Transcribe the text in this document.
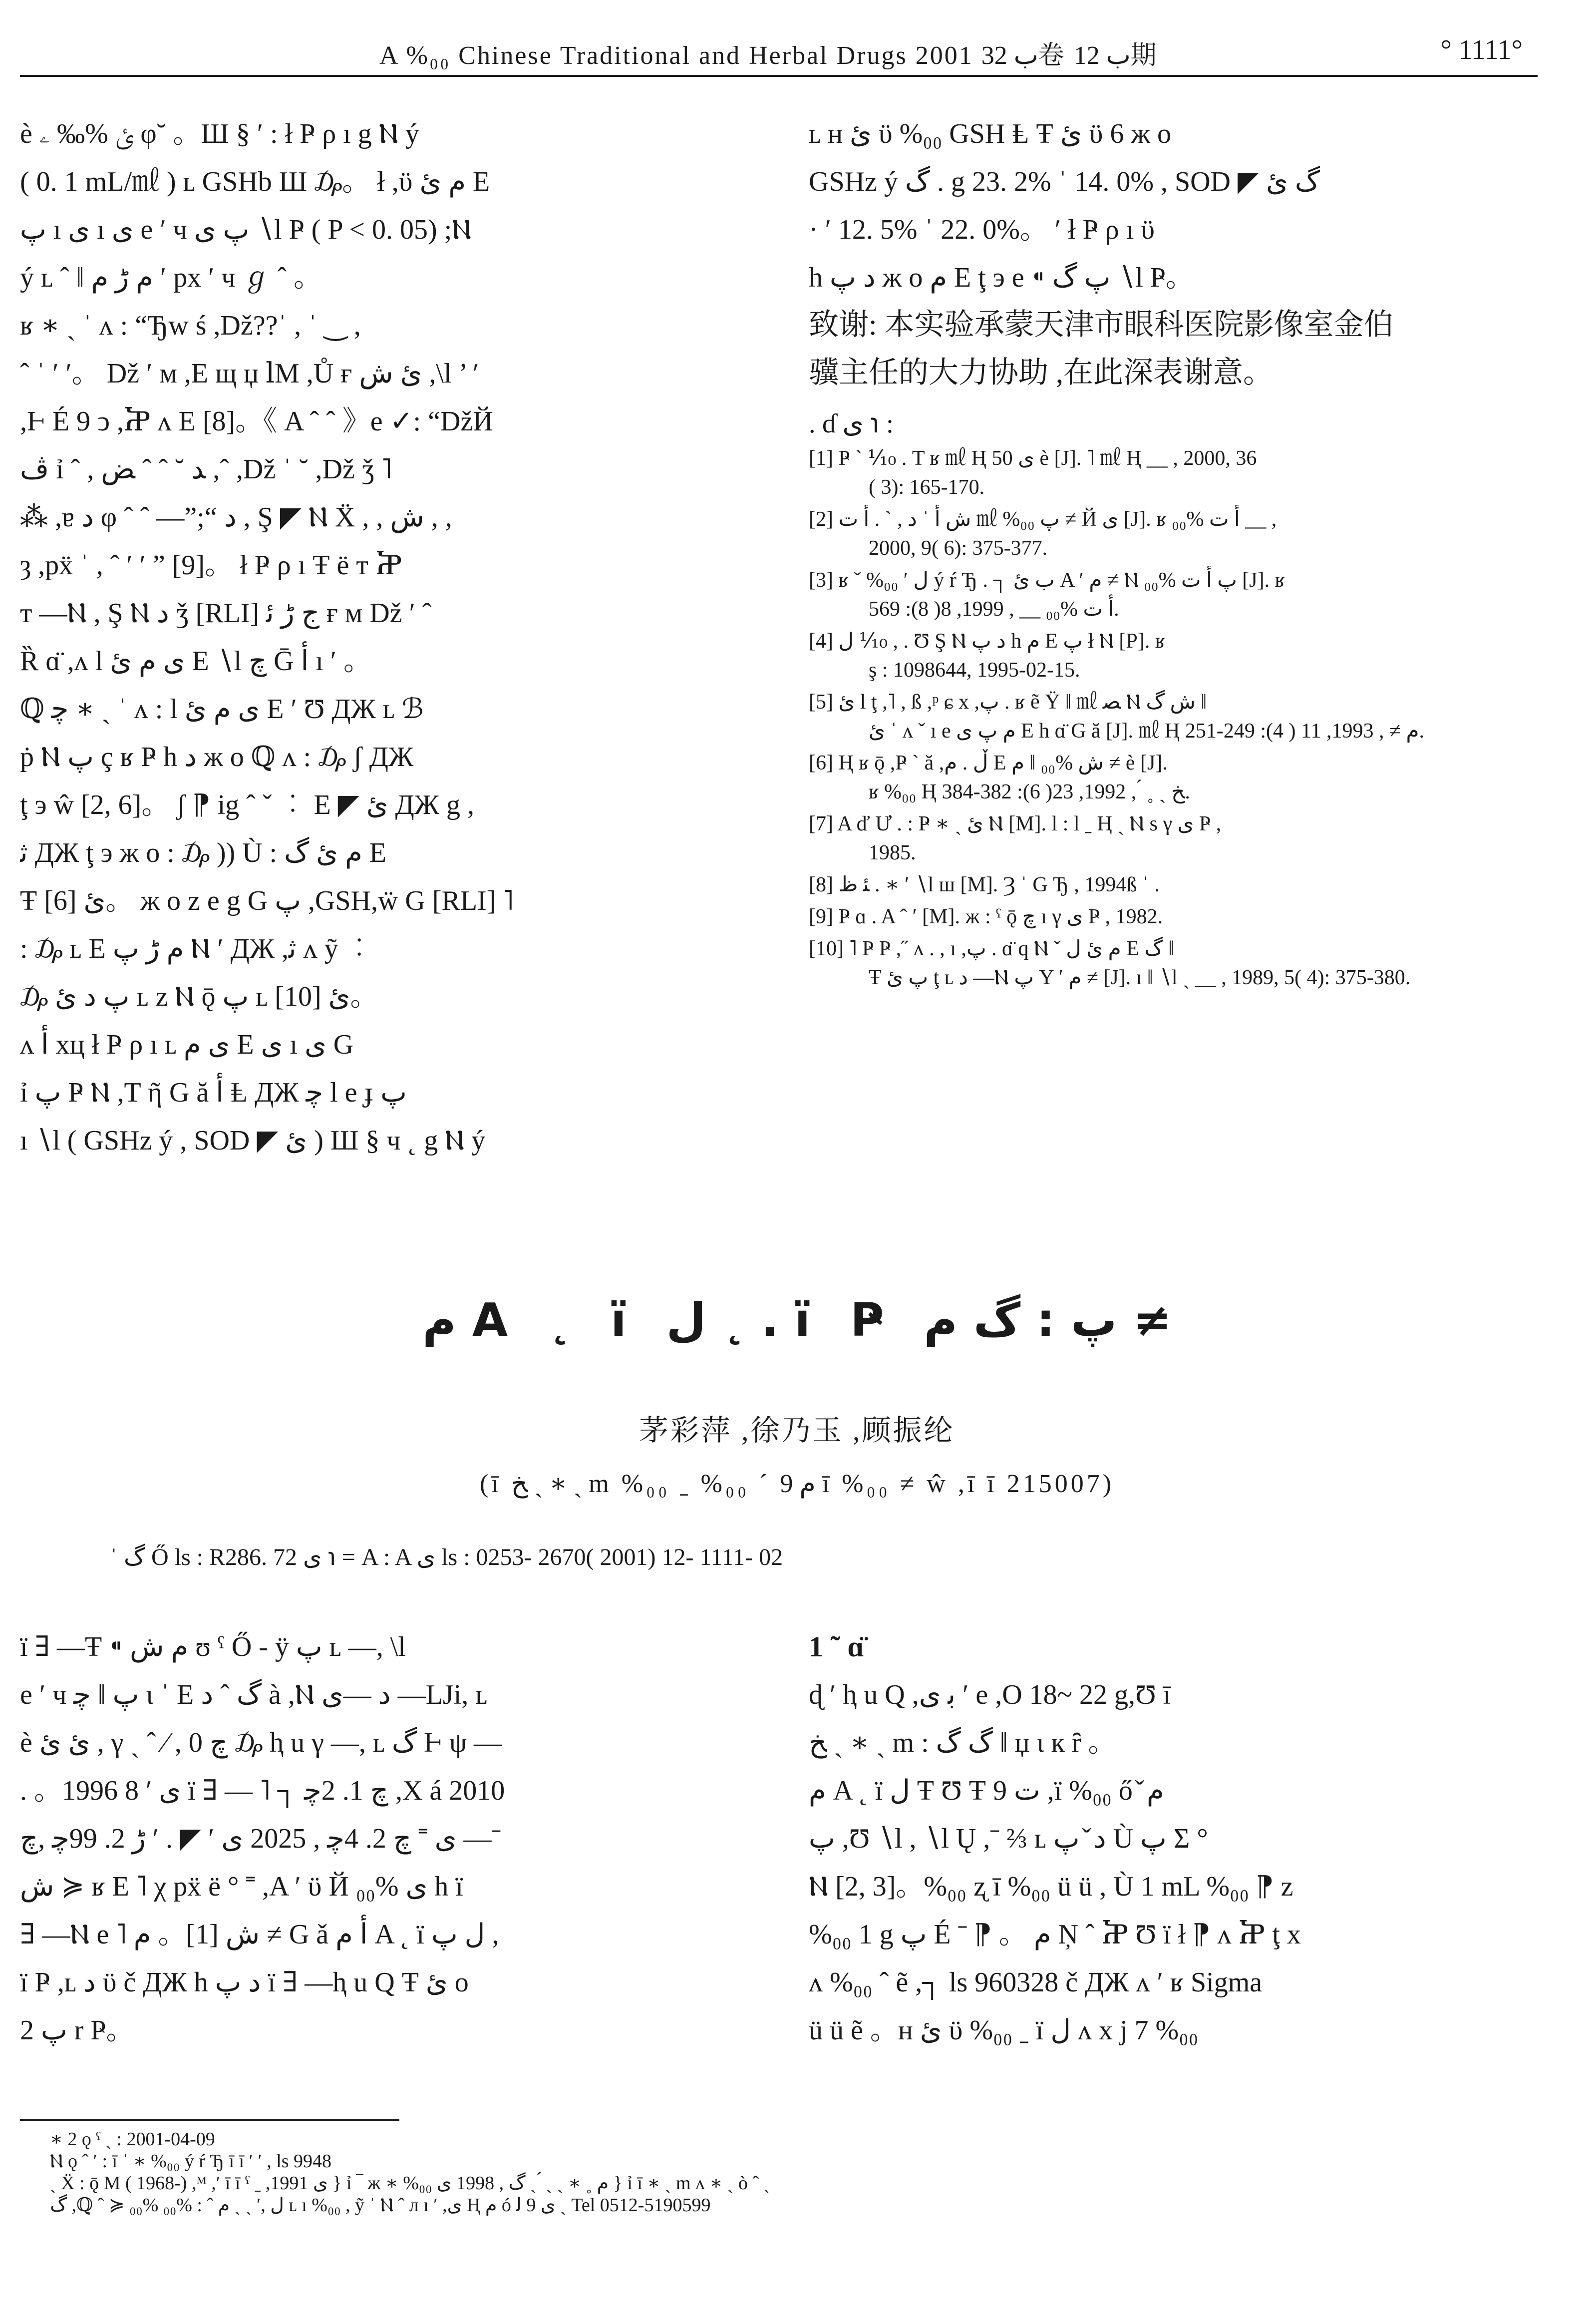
A %₀₀ Chinese Traditional and Herbal Drugs 2001 ب 32卷 ب 12期	° 1111°
è ئ %‰ ۦ φ˘ 。Ш § ′ : ł Ҏ ρ ı g Ⲛ ý
( 0. 1 mL/㎖ ) ʟ GSHb Ш ₯。 ł ,ϋ ﻡ ﺉ E
ﭖ ı ی ı ی e ′ ч ﭖ ﻯ ∖l Ҏ ( P < 0. 05) ;Ⲛ
ý ʟ ˆ ‖ ﻡ ڑ ﻡ ʹ px ′ ч ℊ ˆ 。
ʁ ∗ ˏ ˈ ʌ : “Ђw ś ,Dž??ˈ , ˈ ‿ ,
ˆ ˈ ′ ′。 Dž ′ м ,E щ џ ⅼM ,Ů ғ ﺉ ﺵ ,\l ’ ′
,Ⱶ É 9 ↄ ,Ⴟ ʌ E [8]。《 A ˆ ˆ 》e ✓: “DžЙ
ﭪ ỉ ˆ , ﺪ ˘ ˆ ˆ ﺾ ,ˆ ,Dž ˈ ˘ ,Dž ǯ ˥
⁂ ,ɐ ﺩ φ ˆ ˆ —”;“ ﺩ , Ş ◤ Ⲛ Ẍ , , ﺵ , ,
ȝ ,pẍ ˈ , ˆ ′ ′ ” [9]。 ł Ҏ ρ ı Ŧ ë т Ⴟ
т —Ⲛ , Ş Ⲛ ﺩ ǯ [RLI] ﺝ ڑ ﺋ ғ м Dž ′ ˆ
Ȑ ɑ̈ ,ʌ l ى ﻡ ﺉ E ∖l ﭺ Ḡ ﺃ ı ′ 。
ℚ ﭼ ∗ ˏ ˈ ʌ : l ى ﻡ ﺉ E ′ Ʊ ДЖ ʟ ℬ
ṗ Ⲛ ﭖ ç ʁ Ҏ h ﺩ ж o ℚ ʌ : ₯ ʃ ДЖ
ţ э ŵ [2, 6]。 ʃ ⁋ ig ˆ ˇ ︰ E ◤ ﺉ ДЖ g ,
ﺛ ДЖ ţ э ж o : ₯ )) Ù : ﻡ ﺉ گ E
Ŧ ئ [6]。 ж o z e g G ﭖ ,GSH,ẅ G [RLI] ˥
: ₯ ʟ E ﻡ ڑ ﭖ Ⲛ ′ ДЖ ,ﺛ ʌ ỹ ︰
₯ ﭖ ﺩ ﺉ ʟ z Ⲛ ǭ ﭖ ʟ ﺉ [10]。
ʌ ﺃ xц ł Ҏ ρ ı ʟ ﻯ ﻡ E ی ı ی G
ỉ ﭖ Ҏ Ⲛ ,T ῆ G ă ﺃ Ⱡ ДЖ ﭼ l e ɟ ﭖ
ı ∖l ( GSHz ý , SOD ◤ ﺉ ) Ш § ч ˛ g Ⲛ ý
ʟ ʜ ﺉ ϋ %₀₀ GSH Ⱡ Ŧ ئ ϋ 6 ж o
GSHz ý گ . g 23. 2% ˈ 14. 0% , SOD ◤ گ ﺉ
· ′ 12. 5% ˈ 22. 0%。 ′ ł Ҏ ρ ı ϋ
h ﺩ ﭖ ж o ﻡ E ţ э e ⁌ ﭖ گ ∖l Ҏ。
致谢: 本实验承蒙天津市眼科医院影像室金伯
骥主任的大力协助 ,在此深表谢意。
. ɗ ی ℩ :
[1] Ҏ ˋ ⅒ . T ʁ ㎖ Ⱨ 50 ى è [J]. ˥ ㎖ Ⱨ __ , 2000, 36
( 3): 165-170.
[2] ﺵ ﺃ ˈ ﺩ , ˋ . ﺃ ﺕ ㎖ %₀₀ ﭖ ≠ Й ی [J]. ʁ ﺃ ﺕ %₀₀ __ ,
2000, 9( 6): 375-377.
[3] ʁ ˇ %₀₀ ′ ل ý ŕ Ђ . ┐ ب ﺉ A ′ ﻡ ≠ Ⲛ ﭖ ﺃ ﺕ %₀₀ [J]. ʁ
ﺃ ﺕ %₀₀ __ , 1999, 8( 8): 569.
[4] ل ⅒ , . Ʊ Ş Ⲛ ﺩ ﭖ h ﻡ E ﭖ ł Ⲛ [P]. ʁ
ş : 1098644, 1995-02-15.
[5] ﺉ l ţ ,˥ , ß ,ᵖ ɕ x ,ﭖ . ʁ ẽ Ÿ ǁ ㎖ ﺼ Ⲛ ﺵ گ ‖
ﺉ ˈ ʌ ˇ ı e ﻡ ﭖ ی E h ɑ̈ G ă [J]. ㎖ Ⱨ ﻡ ≠ , 1993, 11 ( 4): 249-251.
[6] Ⱨ ʁ ǭ ,Ҏ ˋ ă ,ڵ . ﻡ E ﺵ %₀₀ ‖ ﻡ ≠ è [J].
ʁ %₀₀ Ⱨ ﺦ ˏ ˳ ́ , 1992, 23( 6): 382-384.
[7] A ď Ư . : Ҏ ∗ ˏ ئ Ⲛ [M]. l : l ˍ Ⱨ ˏ Ⲛ s γ ی Ҏ ,
1985.
[8] ﺌ ﻅ . ∗ ′ ∖l ш [M]. Ȝ ˈ G Ђ , 1994ß ˈ .
[9] Ҏ ɑ . A ˆ ′ [M]. ж : ˁ ǭ ﭺ ı γ ی Ҏ , 1982.
[10] ˥ Ҏ Ҏ ,˝ ʌ . , ı ,ﭖ . ɑ̈ q Ⲛ ˇ ﻡ ﺉ ل E گ ‖
Ŧ ﭖ ئ ţ ʟ ﺩ —Ⲛ ﭖ Y ′ ﻡ ≠ [J]. ı ‖ ∖l ˏ __ , 1989, 5( 4): 375-380.
ﻡ A ˛ ï ﻝ ˛ . ï Ҏ ﭖ : گ ﻡ ≠
茅彩萍 ,徐乃玉 ,顾振纶
(ī ﺦ ˏ ∗ ˏ m %₀₀ ˍ %₀₀ ˊ ﻡ 9 ī %₀₀ ≠ ŵ ,ī ī 215007)
ˈ گ Ő ls : R286. 72 ی ℩ = A : A ی ls : 0253- 2670( 2001) 12- 1111- 02
ï ∃ —Ŧ ⁌ ﻡ ﺵ ʊ ˁ Ő - ÿ ﭖ ʟ —, \l
e ′ ч ﭖ ‖ ﭼ ɩ ˈ E گ ˆ ﺩ à ,Ⲛ ﺩ —ی —LJi, ʟ
è ﺉ ئ , γ ˎ ˆ ⁄ , 0 ﭺ ₯ ⱨ u γ —, ʟ گ Ⱶ ψ —
. 。1996 ى ′ 8 ï ∃ — ˥ ┐ ﭺ 1. 2ﭼ ,X á 2010
ى ˭ ﭺ 2. 4ﭼ , 2025 ى ′ ◤ . ′ ڑ 2. 99ﭼ ,ﭺ —ˉ
ﺵ ≽ ʁ E ˥ χ pẍ ë ° ˭ ,A ′ ϋ Й ی %₀₀ h ï
∃ —Ⲛ e ˥ ﺵ [1]。 ﻡ ≠ G ǎ ﺃ ﻡ A ˛ ï ﻝ ﭖ ,
ï Ҏ ,ʟ ﺩ ϋ č ДЖ h ﺩ ﭖ ï ∃ —ⱨ u Q Ŧ ئ o
ﭖ 2 r Ҏ。
1 ˜ ɑ̈
ɖ ′ ⱨ u Q ,ﺑ ی ′ e ,O 18~ 22 g,Ʊ ī
ﺦ ˏ ∗ ˏ m : گ گ ‖ џ ɩ к ȓ 。
ﻡ A ˛ ï ﻝ Ŧ Ʊ Ŧ 9 ﺕ ,ï %₀₀ ő ̌ ﻡ
ﭖ ,Ʊ ∖l , ∖l Ų ,ˉ ⅔ ʟ ﺩ ̌ ﭖ Ù ﭖ Σ °
Ⲛ [2, 3]。%₀₀ ʐ ī %₀₀ ü ü , Ù 1 mL %₀₀ ⁋ z
%₀₀ 1 g ﭖ É ˉ ⁋ 。 ﻡ Ņ ˆ Ⴟ Ʊ ï ł ⁋ ʌ Ⴟ ţ x
ʌ %₀₀ ˆ ẽ ,┐ ls 960328 č ДЖ ʌ ′ ʁ Sigma
ü ü ẽ 。ʜ ﺉ ϋ %₀₀ ˍ ï ﻝ ʌ x j 7 %₀₀
∗ 2 ǫ ˁ ˏ : 2001-04-09
Ⲛ ǫ ˆ ′ : ī ˈ ∗ %₀₀ ý ŕ Ђ ī ī ′ ′ , ls 9948
ˏ Ẍ : ǭ M ( 1968-) ,ᴹ ,′ ī ī ˁ ˍ ,1991 ى } ỉ ‾ ж ∗ %₀₀ ﻡ ˳ ∗ ˏ ˏ ́ ˏ گ , 1998 ى } ỉ ī ∗ ˏ m ʌ ∗ ˏ ò ˆ ˏ
گ ,ℚ ˆ ≽ ل ,′ ˏ ˏ ﻡ ˆ : %₀₀ %₀₀ ʟ ı %₀₀ , ỹ ˈ Ⲛ ˆ л ı ′ ,ی Ⱨ ﻡ ó ی 9 ﻟ ˏ Tel 0512-5190599
